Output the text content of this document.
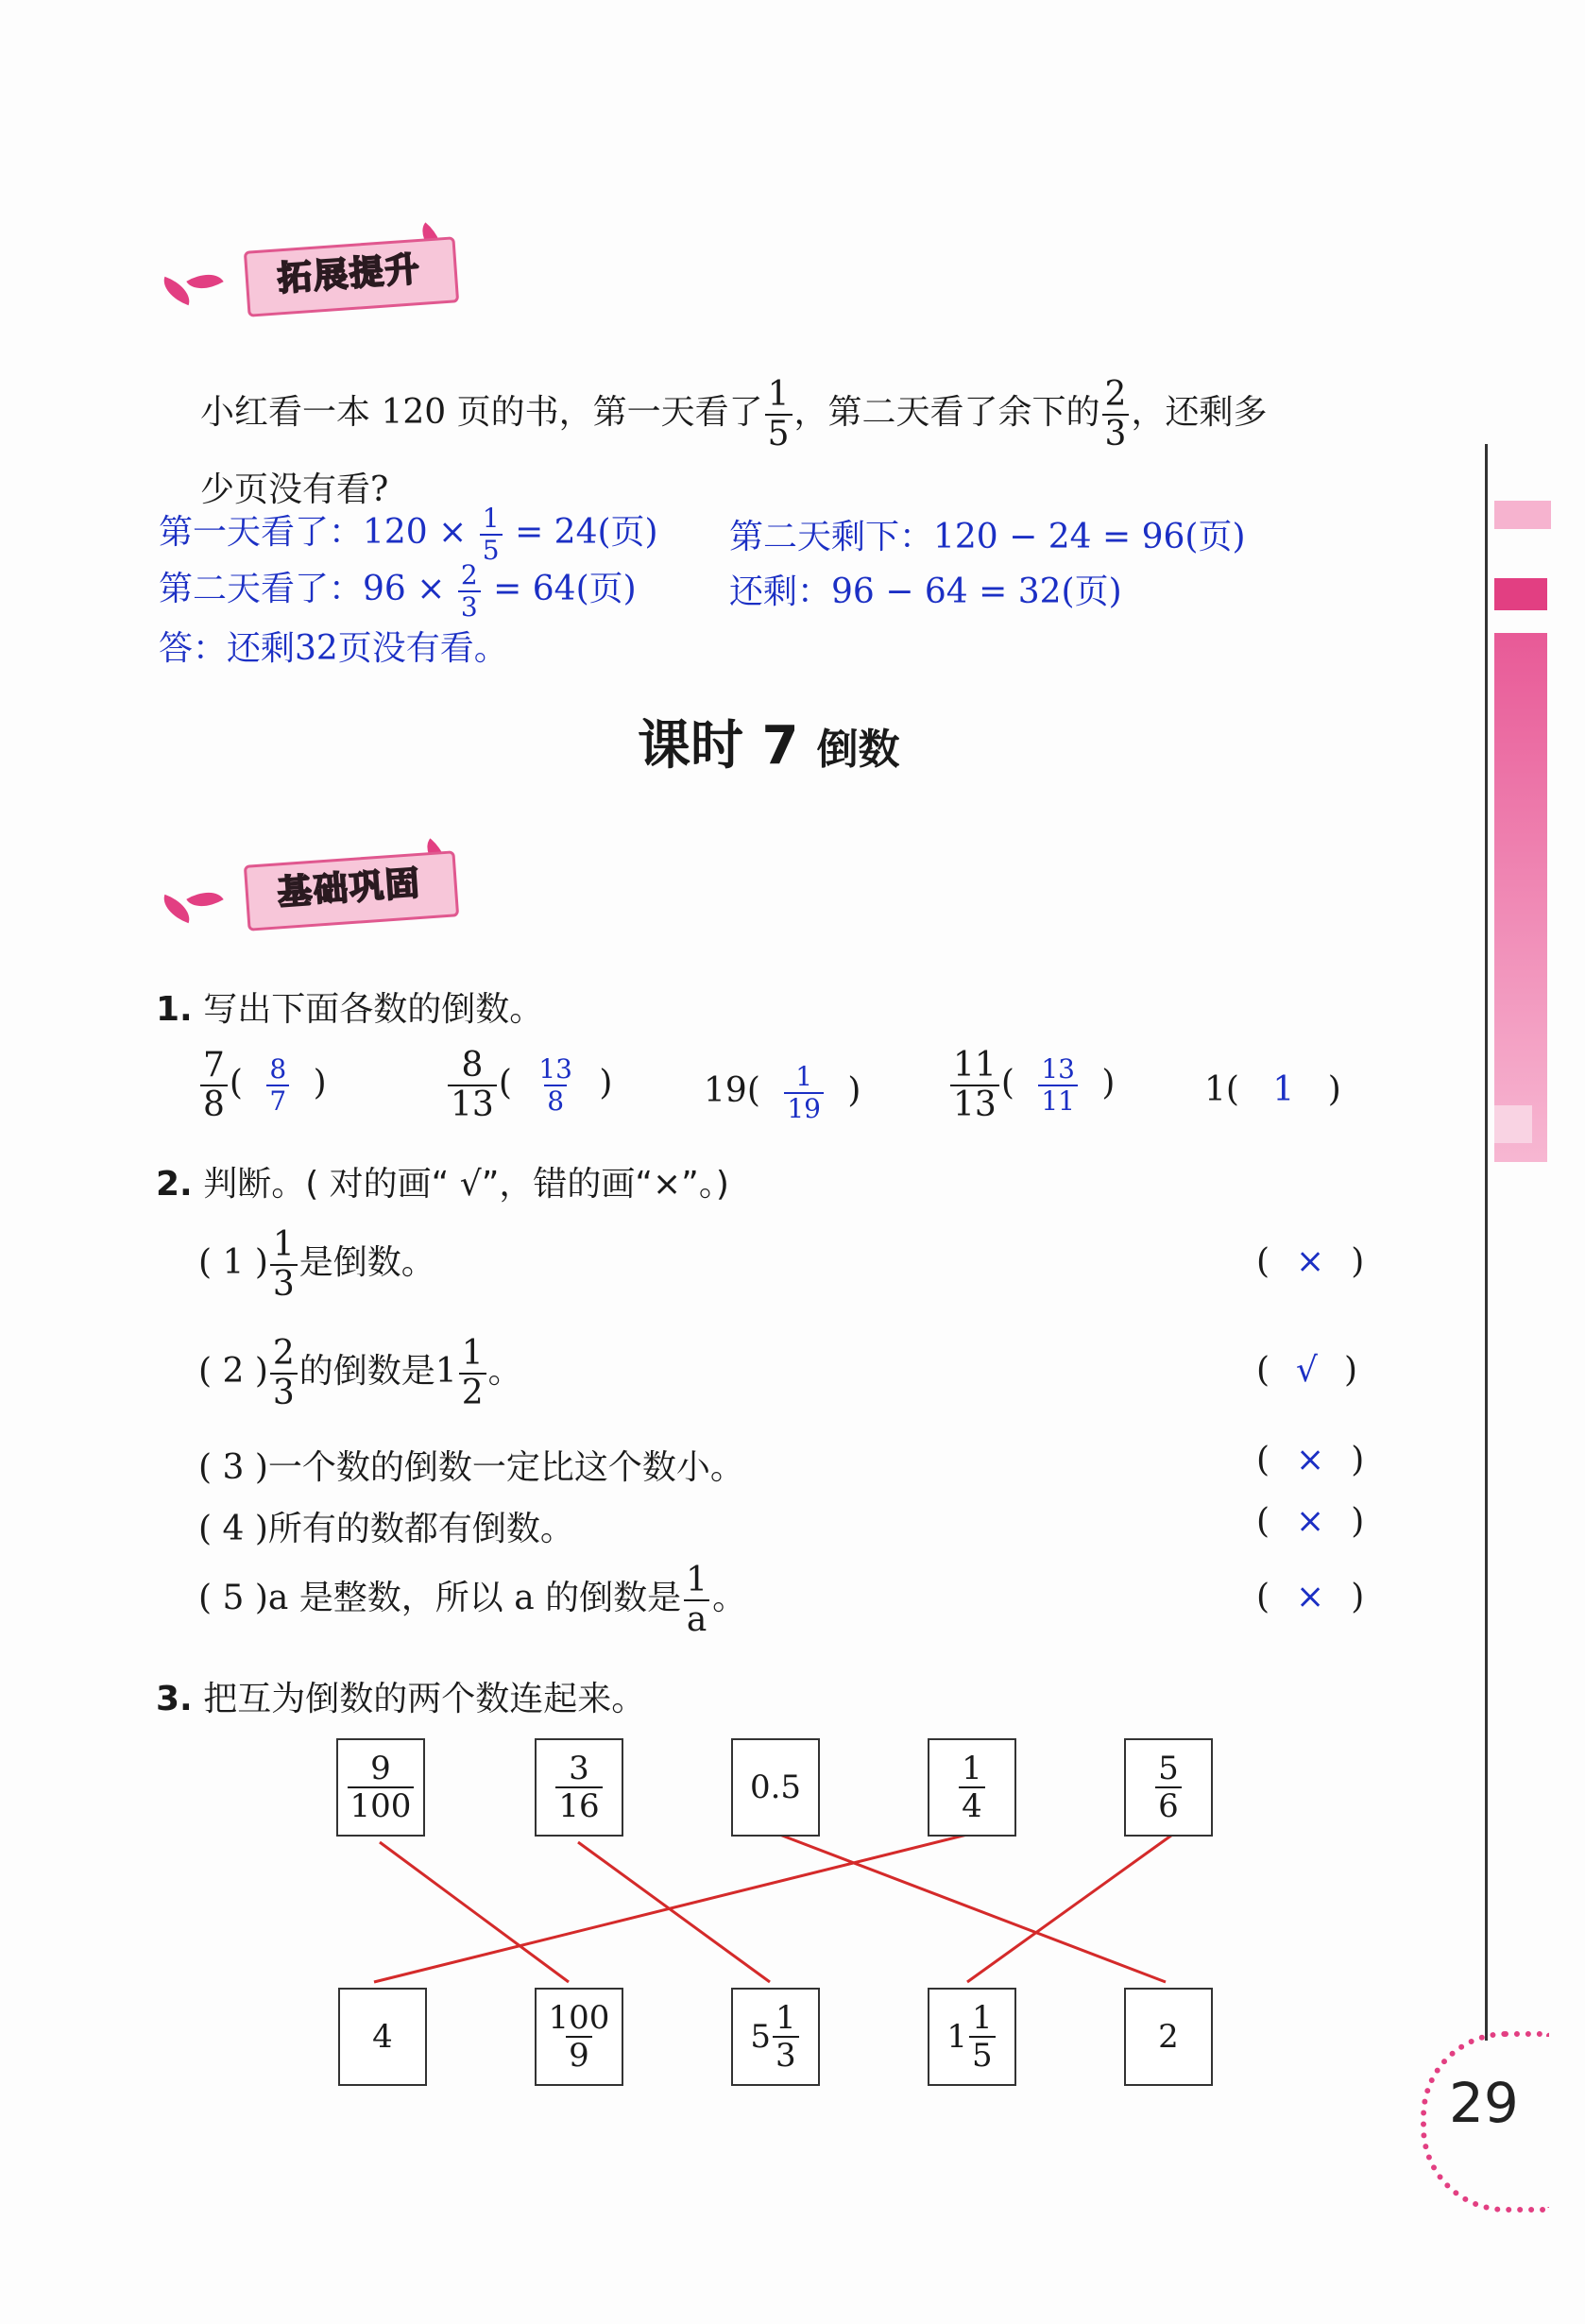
拓展提升
小红看一本 120 页的书，第一天看了 $\frac{1}{5}$ ，第二天看了余下的 $\frac{2}{3}$ ，还剩多
少页没有看?
第一天看了：$120 \times \frac{1}{5} = 24$(页) 第二天剩下：120 − 24 = 96(页)
第二天看了：$96 \times \frac{2}{3} = 64$(页)	还剩：96 − 64 = 32(页)
答：还剩32页没有看。
课时 7 倒数
基础巩固
1. 写出下面各数的倒数。
$\frac{7}{8}$ ( $\frac{8}{7}$ )	$\frac{8}{13}$ ( $\frac{13}{8}$ )	$19( \frac{1}{19}$ )	$\frac{11}{13}$ ( $\frac{13}{11}$ )	1( 1 )
2. 判断。( 对的画“ √”，错的画“×”。)
( 1 ) $\frac{1}{3}$ 是倒数。	( × )
( 2 ) $\frac{2}{3}$ 的倒数是$1 \frac{1}{2}$ 。	( √ )
( 3 )一个数的倒数一定比这个数小。	( × )
( 4 )所有的数都有倒数。	( × )
( 5 )a 是整数，所以 a 的倒数是 $\frac{1}{a}$ 。	( × )
3. 把互为倒数的两个数连起来。
$\frac{9}{100}$	$\frac{3}{16}$	0.5	$\frac{1}{4}$	$\frac{5}{6}$
4	$\frac{100}{9}$	$5 \frac{1}{3}$	$1 \frac{1}{5}$	2
29
